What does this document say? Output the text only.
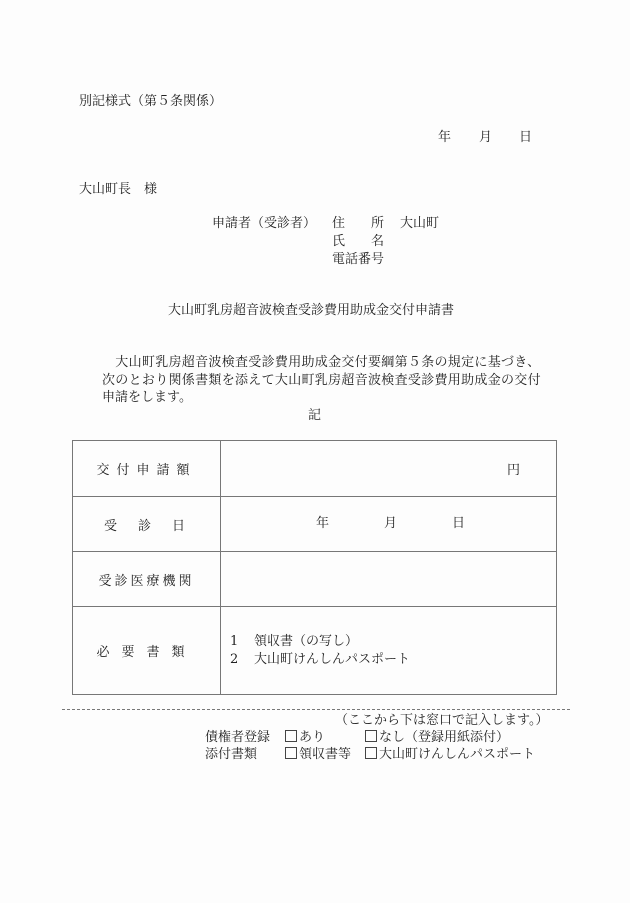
別記様式（第５条関係）
年 月 日
大山町長　様
申請者（受診者） 住　　所 大山町
氏　　名
電話番号
大山町乳房超音波検査受診費用助成金交付申請書
　大山町乳房超音波検査受診費用助成金交付要綱第５条の規定に基づき、
次のとおり関係書類を添えて大山町乳房超音波検査受診費用助成金の交付
申請をします。
記
交付申請額	円
受　診　日	年 月 日

受診医療機関	
必要書類	1 領収書（の写し）
2 大山町けんしんパスポート
（ここから下は窓口で記入します。）
債権者登録	あり	なし（登録用紙添付）
添付書類	領収書等	大山町けんしんパスポート
